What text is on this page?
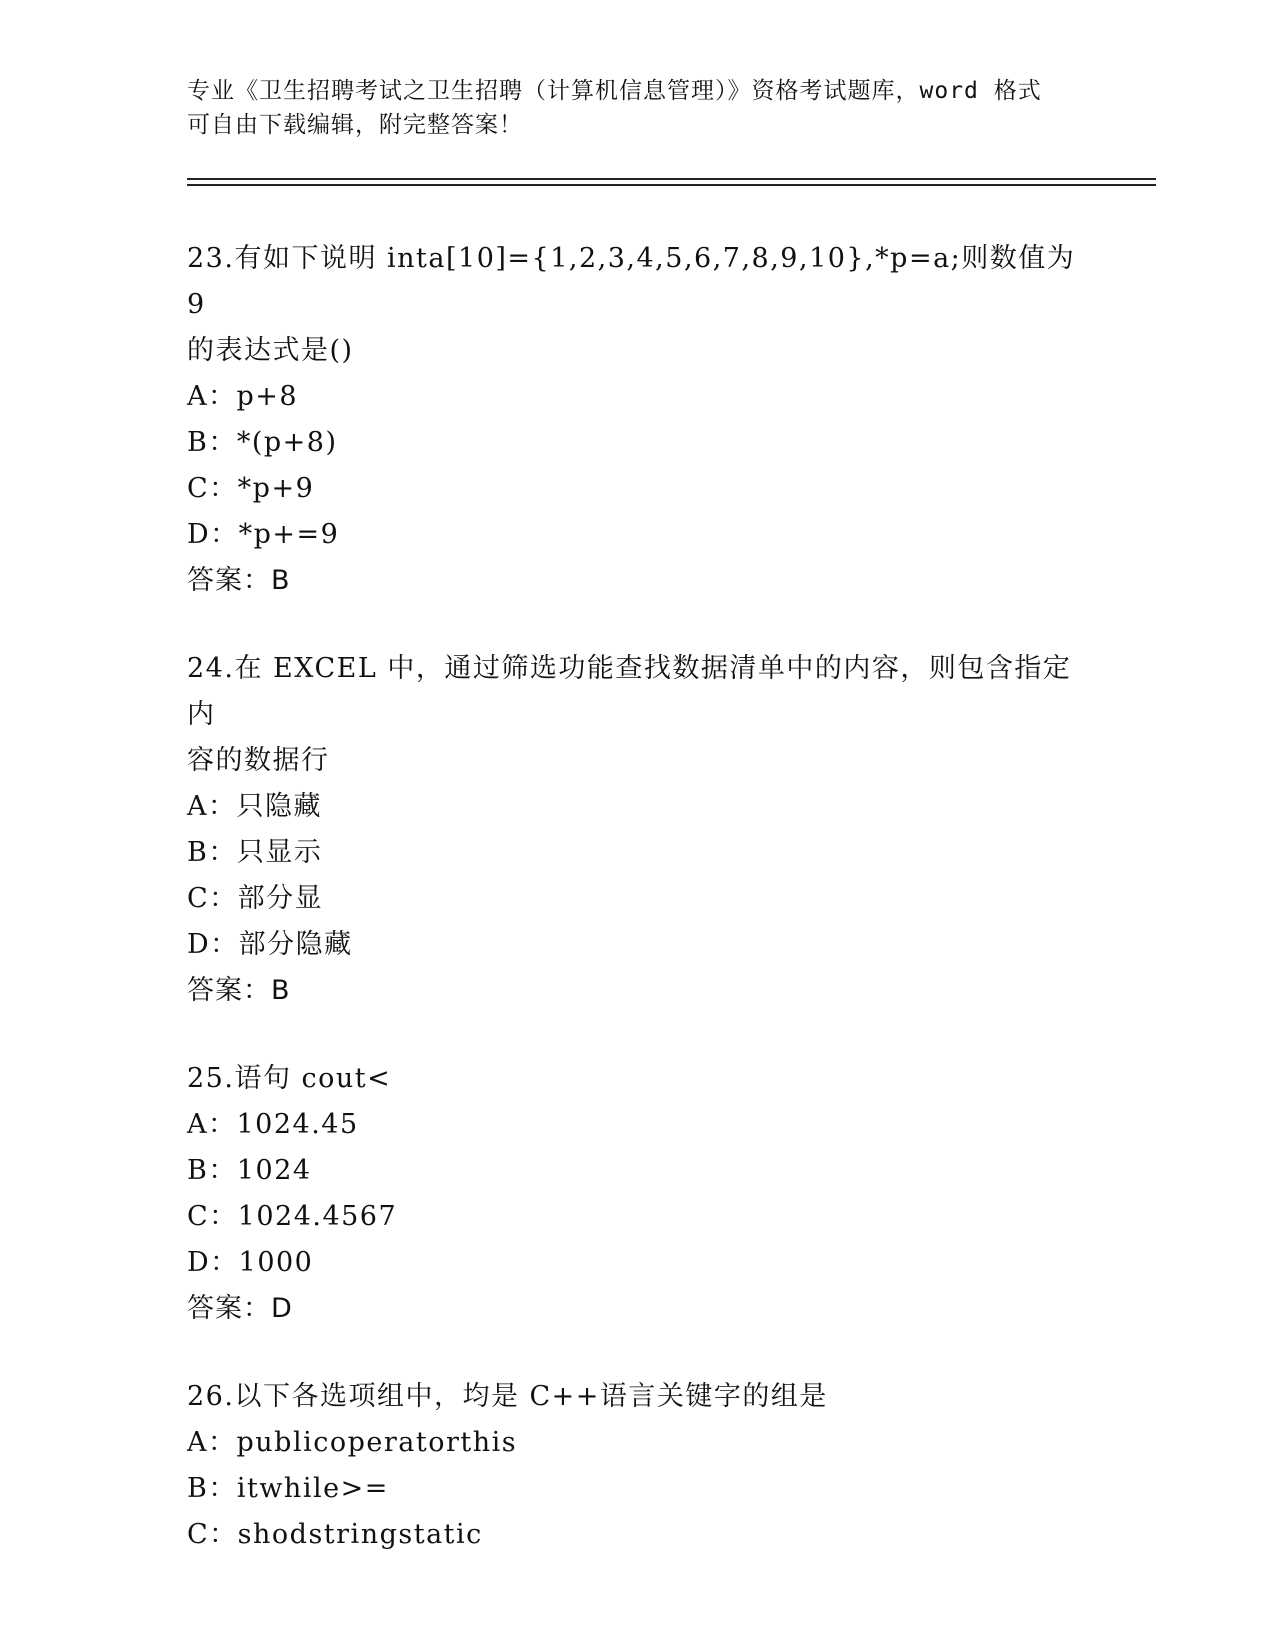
专业《卫生招聘考试之卫生招聘（计算机信息管理）》资格考试题库，word 格式
可自由下载编辑，附完整答案！
23.有如下说明 inta[10]={1,2,3,4,5,6,7,8,9,10},*p=a;则数值为 9
的表达式是()
A：p+8
B：*(p+8)
C：*p+9
D：*p+=9
答案：B
24.在 EXCEL 中，通过筛选功能查找数据清单中的内容，则包含指定内
容的数据行
A：只隐藏
B：只显示
C：部分显
D：部分隐藏
答案：B
25.语句 cout<
A：1024.45
B：1024
C：1024.4567
D：1000
答案：D
26.以下各选项组中，均是 C++语言关键字的组是
A：publicoperatorthis
B：itwhile>=
C：shodstringstatic
